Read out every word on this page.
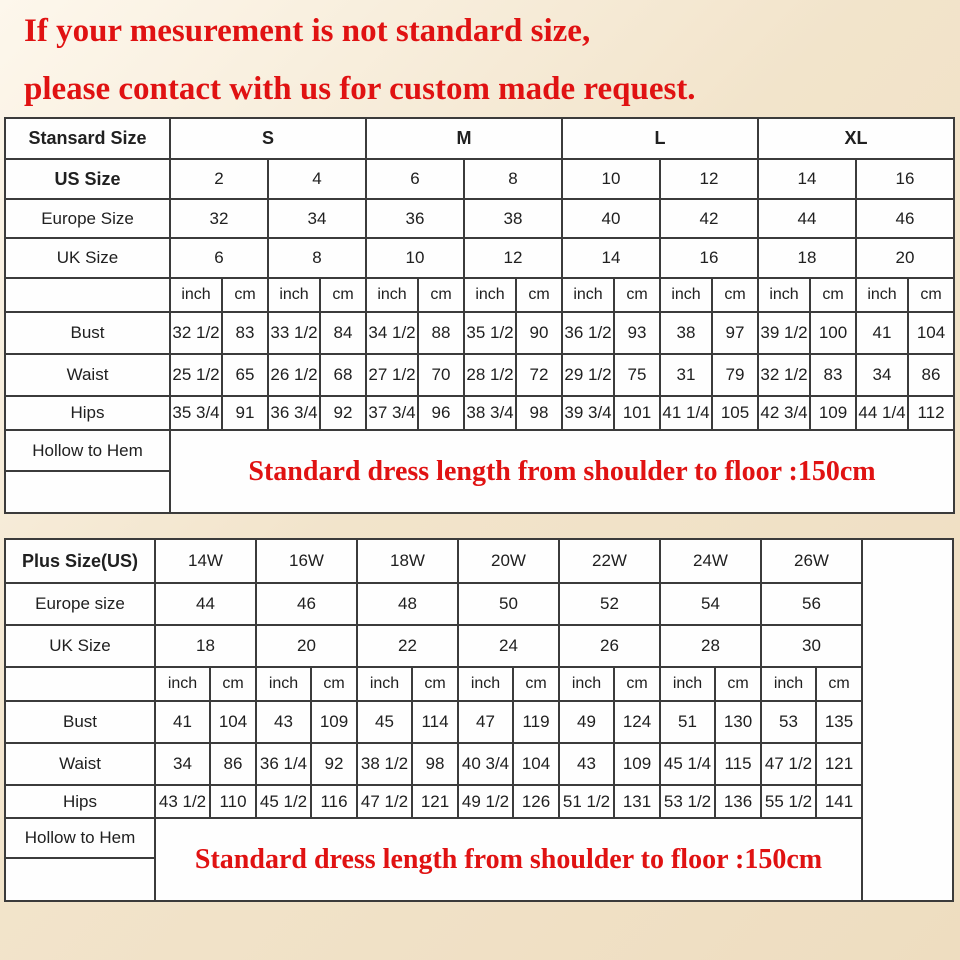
If your mesurement is not standard size,
please contact with us for custom made request.
Stansard Size	S				M				L				XL			
US Size	2		4		6		8		10		12		14		16	
Europe Size	32		34		36		38		40		42		44		46	
UK Size	6		8		10		12		14		16		18		20	
	inch	cm	inch	cm	inch	cm	inch	cm	inch	cm	inch	cm	inch	cm	inch	cm
Bust	32 1/2	83	33 1/2	84	34 1/2	88	35 1/2	90	36 1/2	93	38	97	39 1/2	100	41	104
Waist	25 1/2	65	26 1/2	68	27 1/2	70	28 1/2	72	29 1/2	75	31	79	32 1/2	83	34	86
Hips	35 3/4	91	36 3/4	92	37 3/4	96	38 3/4	98	39 3/4	101	41 1/4	105	42 3/4	109	44 1/4	112
Hollow to Hem	Standard dress length from shoulder to floor :150cm															

Plus Size(US)	14W		16W		18W		20W		22W		24W		26W		
Europe size	44		46		48		50		52		54		56		
UK Size	18		20		22		24		26		28		30		
	inch	cm	inch	cm	inch	cm	inch	cm	inch	cm	inch	cm	inch	cm	
Bust	41	104	43	109	45	114	47	119	49	124	51	130	53	135	
Waist	34	86	36 1/4	92	38 1/2	98	40 3/4	104	43	109	45 1/4	115	47 1/2	121	
Hips	43 1/2	110	45 1/2	116	47 1/2	121	49 1/2	126	51 1/2	131	53 1/2	136	55 1/2	141	
Hollow to Hem	Standard dress length from shoulder to floor :150cm														
